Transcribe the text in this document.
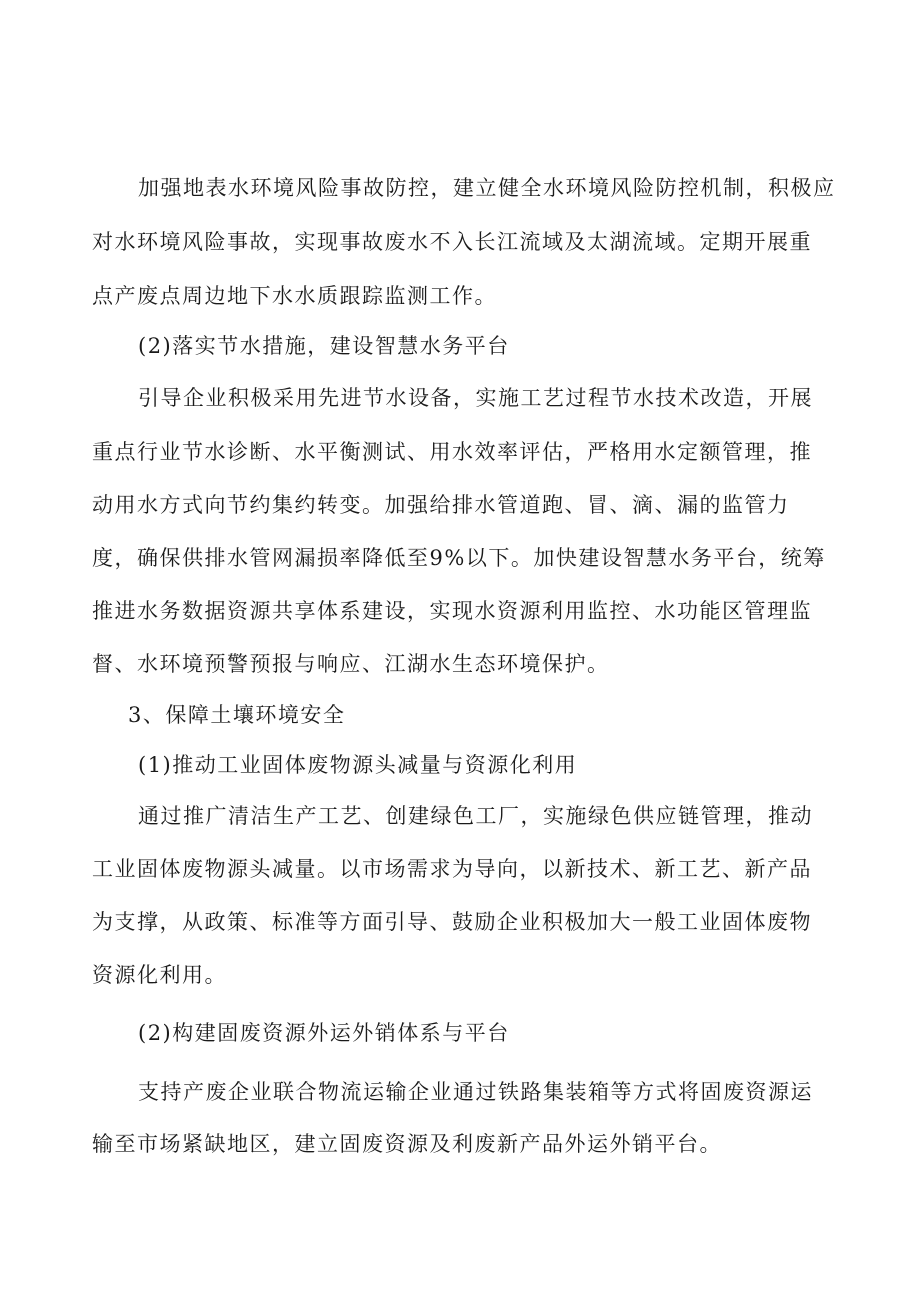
加强地表水环境风险事故防控，建立健全水环境风险防控机制，积极应
对水环境风险事故，实现事故废水不入长江流域及太湖流域。定期开展重
点产废点周边地下水水质跟踪监测工作。
(2)落实节水措施，建设智慧水务平台
引导企业积极采用先进节水设备，实施工艺过程节水技术改造，开展
重点行业节水诊断、水平衡测试、用水效率评估，严格用水定额管理，推
动用水方式向节约集约转变。加强给排水管道跑、冒、滴、漏的监管力
度，确保供排水管网漏损率降低至9%以下。加快建设智慧水务平台，统筹
推进水务数据资源共享体系建设，实现水资源利用监控、水功能区管理监
督、水环境预警预报与响应、江湖水生态环境保护。
3、保障土壤环境安全
(1)推动工业固体废物源头减量与资源化利用
通过推广清洁生产工艺、创建绿色工厂，实施绿色供应链管理，推动
工业固体废物源头减量。以市场需求为导向，以新技术、新工艺、新产品
为支撑，从政策、标准等方面引导、鼓励企业积极加大一般工业固体废物
资源化利用。
(2)构建固废资源外运外销体系与平台
支持产废企业联合物流运输企业通过铁路集装箱等方式将固废资源运
输至市场紧缺地区，建立固废资源及利废新产品外运外销平台。
